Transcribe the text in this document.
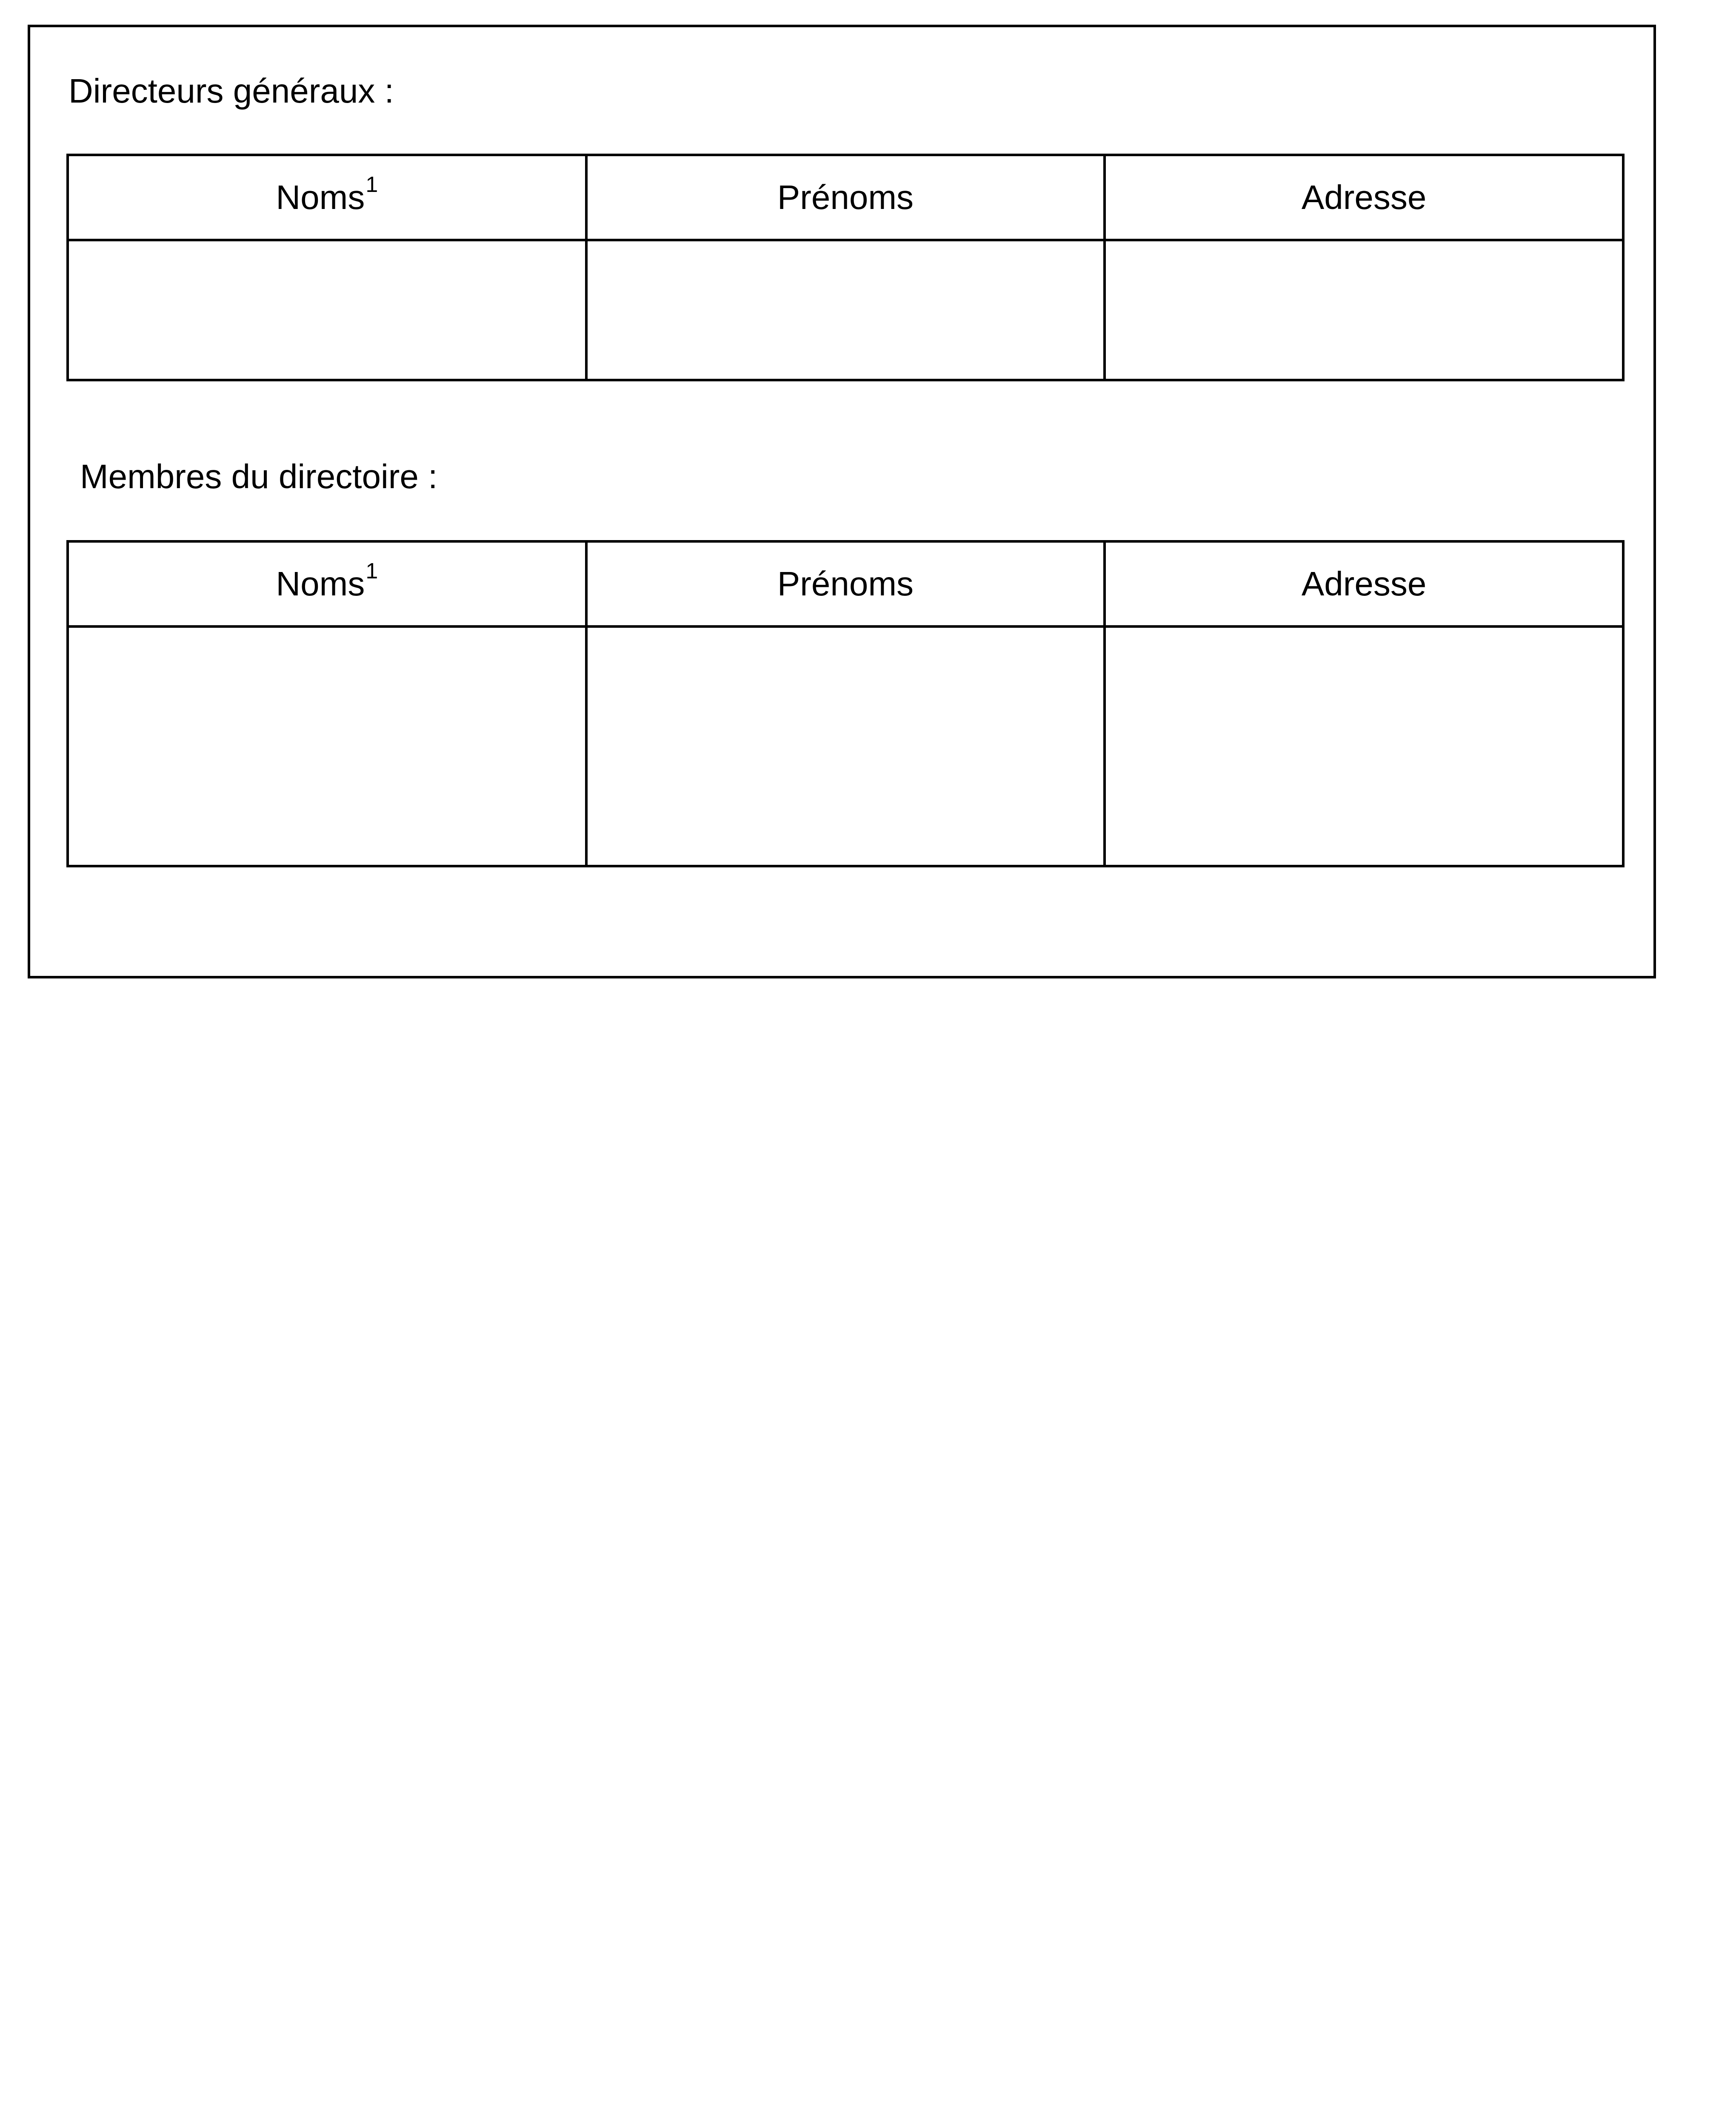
Directeurs généraux :
Noms$^1$	Prénoms	Adresse

Membres du directoire :
Noms$^1$	Prénoms	Adresse
